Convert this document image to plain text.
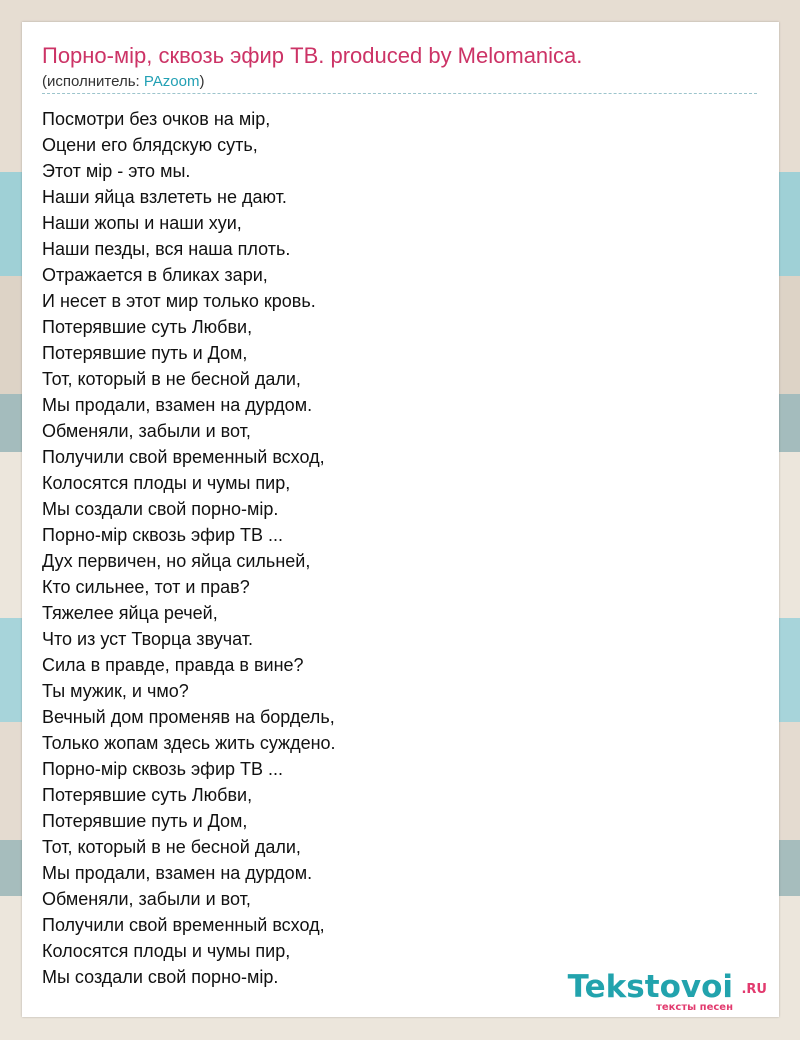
Порно-мiр, сквозь эфир ТВ. produced by Melomanica.
(исполнитель: PAzoom)
Посмотри без очков на мiр,
Оцени его блядскую суть,
Этот мiр - это мы.
Наши яйца взлететь не дают.
Наши жопы и наши хуи,
Наши пезды, вся наша плоть.
Отражается в бликах зари,
И несет в этот мир только кровь.
Потерявшие суть Любви,
Потерявшие путь и Дом,
Тот, который в не бесной дали,
Мы продали, взамен на дурдом.
Обменяли, забыли и вот,
Получили свой временный всход,
Колосятся плоды и чумы пир,
Мы создали свой порно-мiр.
Порно-мiр сквозь эфир ТВ ...
Дух первичен, но яйца сильней,
Кто сильнее, тот и прав?
Тяжелее яйца речей,
Что из уст Творца звучат.
Сила в правде, правда в вине?
Ты мужик, и чмо?
Вечный дом променяв на бордель,
Только жопам здесь жить суждено.
Порно-мiр сквозь эфир ТВ ...
Потерявшие суть Любви,
Потерявшие путь и Дом,
Тот, который в не бесной дали,
Мы продали, взамен на дурдом.
Обменяли, забыли и вот,
Получили свой временный всход,
Колосятся плоды и чумы пир,
Мы создали свой порно-мiр.	Tekstovoi .RU
тексты песен
